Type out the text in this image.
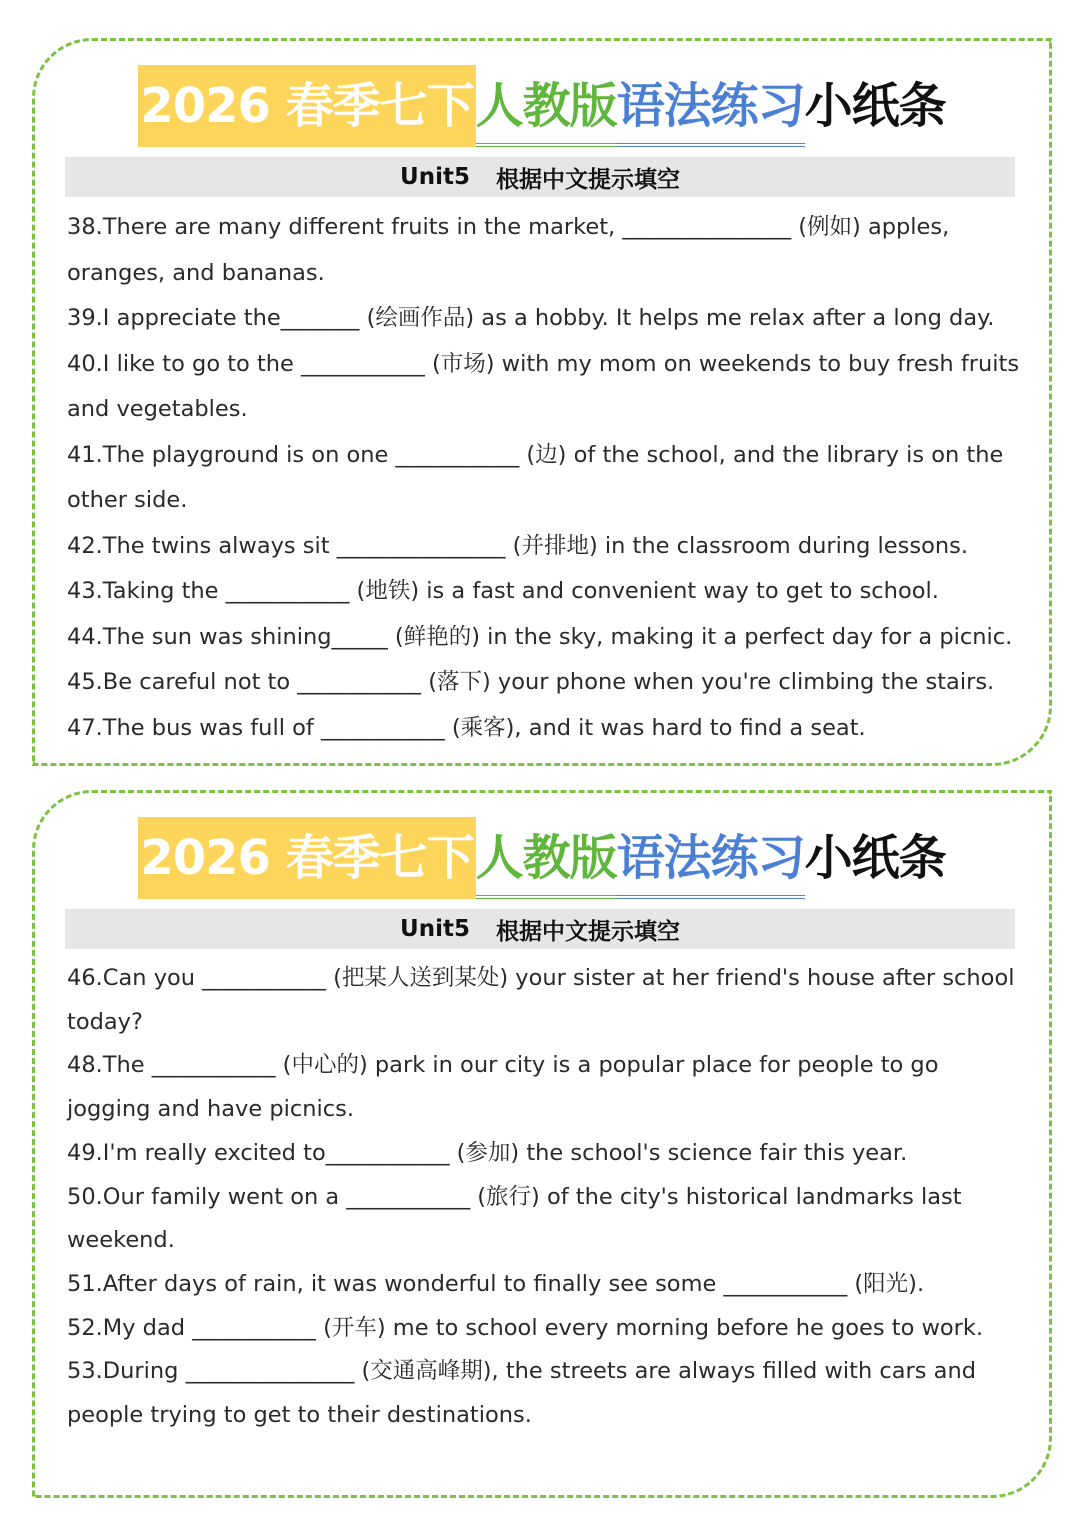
2026 春季七下 人教版 语法练习 小纸条
Unit5 根据中文提示填空

38.There are many different fruits in the market, _______________ (例如) apples, oranges, and bananas.

39.I appreciate the_______ (绘画作品) as a hobby. It helps me relax after a long day.

40.I like to go to the ___________ (市场) with my mom on weekends to buy fresh fruits and vegetables.

41.The playground is on one ___________ (边) of the school, and the library is on the other side.

42.The twins always sit _______________ (并排地) in the classroom during lessons.

43.Taking the ___________ (地铁) is a fast and convenient way to get to school.

44.The sun was shining_____ (鲜艳的) in the sky, making it a perfect day for a picnic.

45.Be careful not to ___________ (落下) your phone when you're climbing the stairs.

47.The bus was full of ___________ (乘客), and it was hard to find a seat.

2026 春季七下 人教版 语法练习 小纸条
Unit5 根据中文提示填空

46.Can you ___________ (把某人送到某处) your sister at her friend's house after school today?

48.The ___________ (中心的) park in our city is a popular place for people to go jogging and have picnics.

49.I'm really excited to___________ (参加) the school's science fair this year.

50.Our family went on a ___________ (旅行) of the city's historical landmarks last weekend.

51.After days of rain, it was wonderful to finally see some ___________ (阳光).

52.My dad ___________ (开车) me to school every morning before he goes to work.

53.During _______________ (交通高峰期), the streets are always filled with cars and people trying to get to their destinations.
